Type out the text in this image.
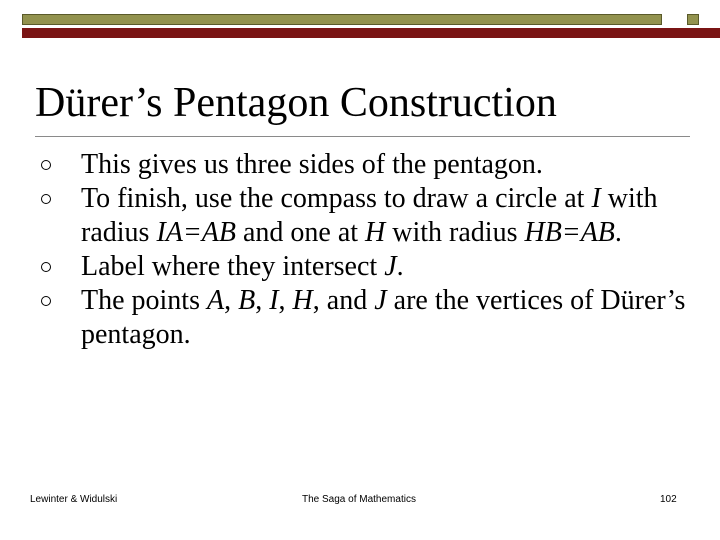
Dürer’s Pentagon Construction
This gives us three sides of the pentagon.
To finish, use the compass to draw a circle at I with radius IA=AB and one at H with radius HB=AB.
Label where they intersect J.
The points A, B, I, H, and J are the vertices of Dürer’s pentagon.
Lewinter & Widulski	The Saga of Mathematics	102
